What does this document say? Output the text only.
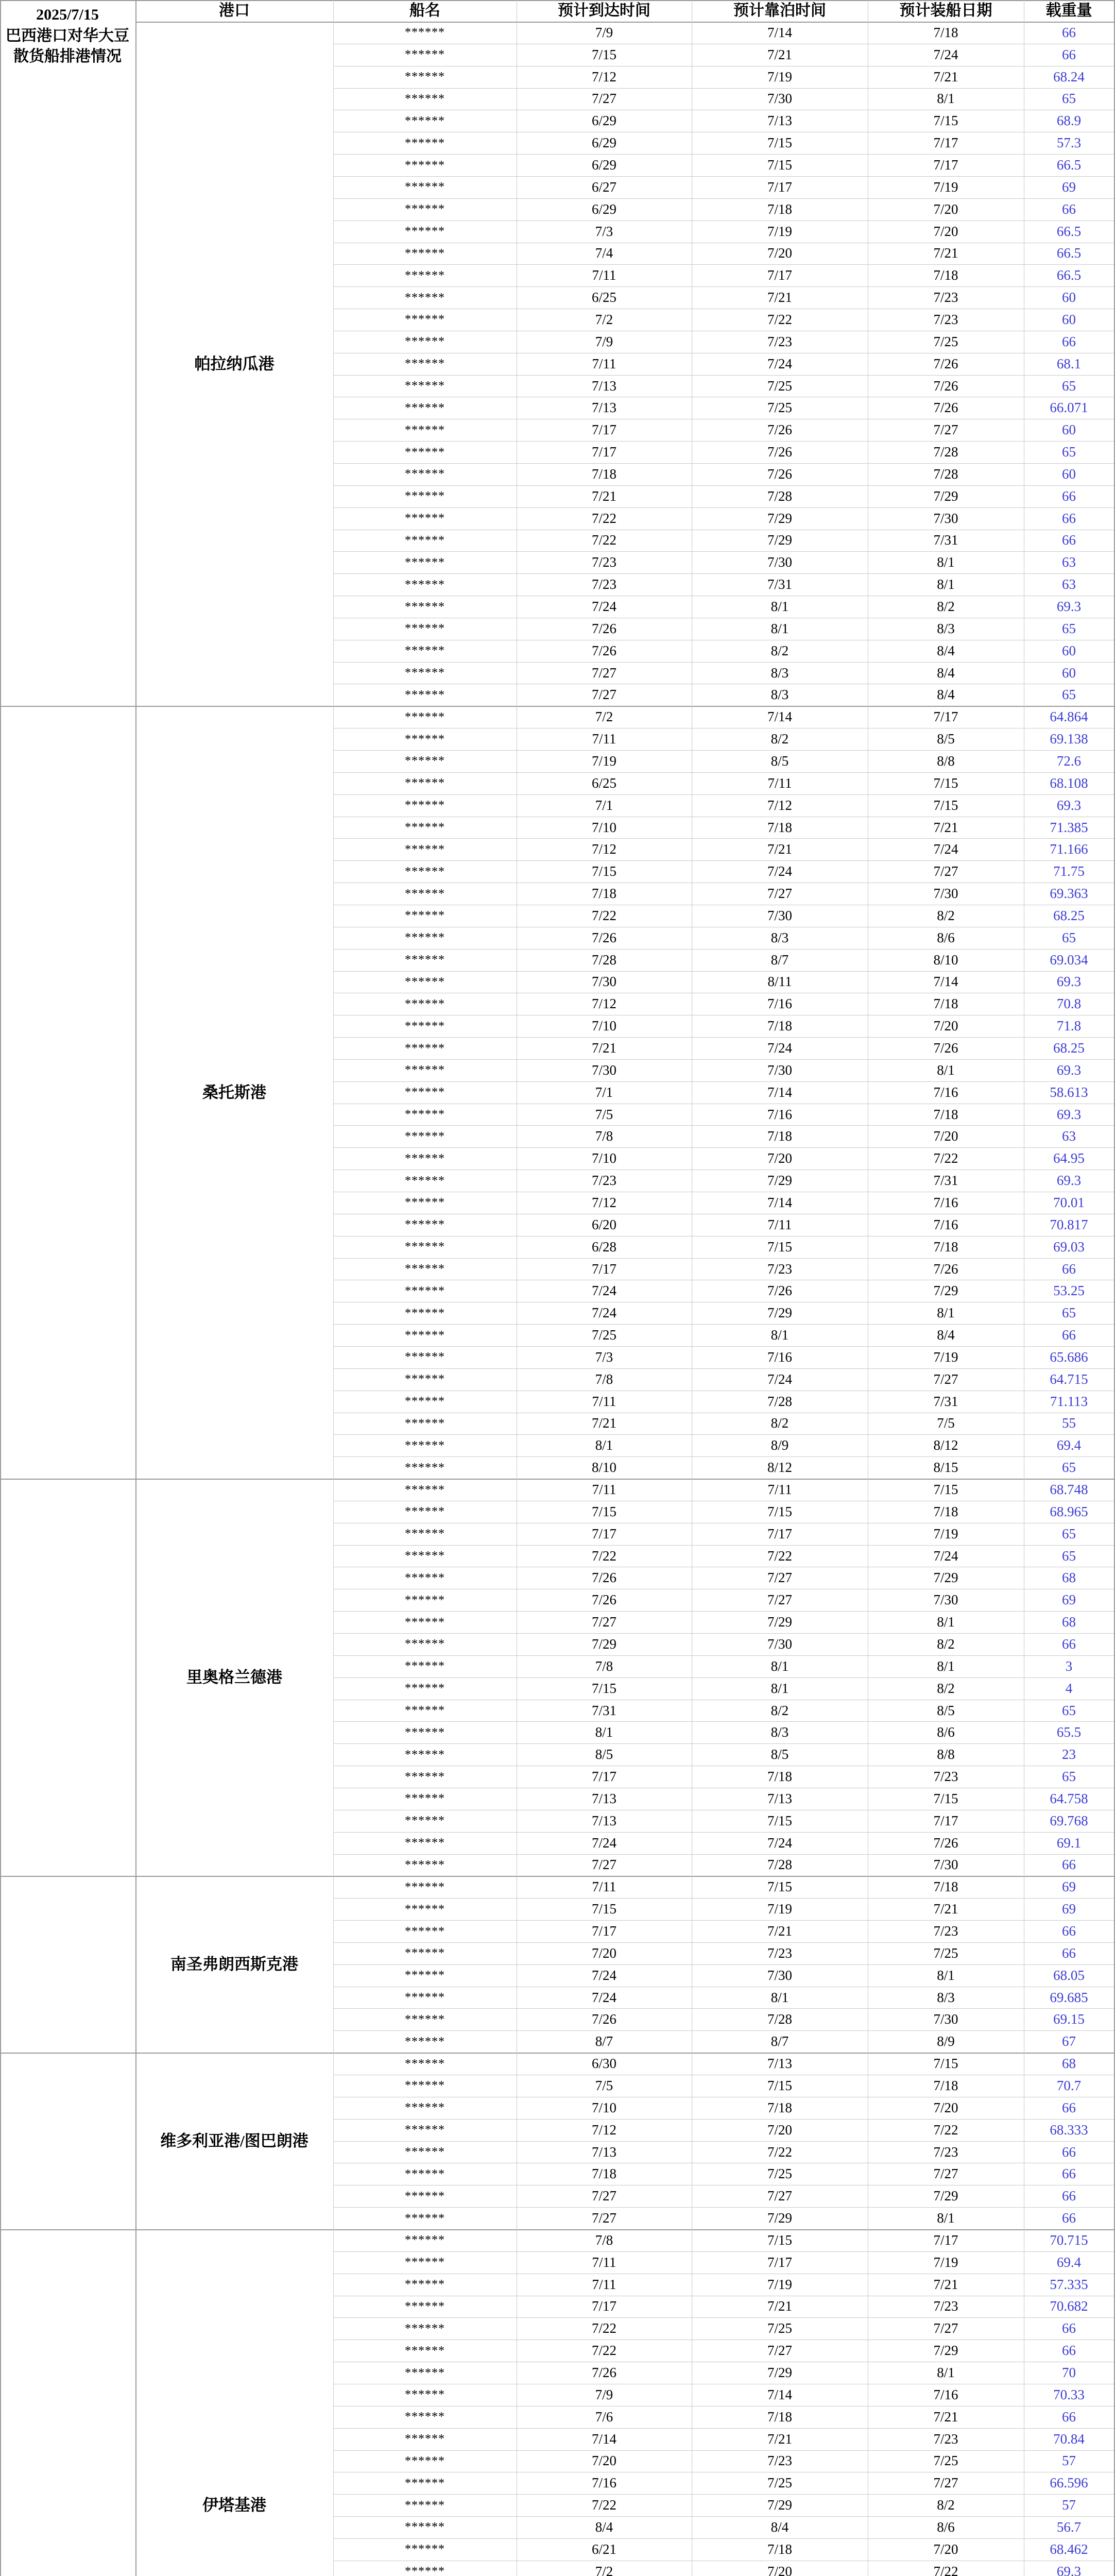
2025/7/15
巴西港口对华大豆
散货船排港情况
港口	船名	预计到达时间	预计靠泊时间	预计装船日期	载重量
******	7/9	7/14	7/18	66
******	7/15	7/21	7/24	66
******	7/12	7/19	7/21	68.24
******	7/27	7/30	8/1	65
******	6/29	7/13	7/15	68.9
******	6/29	7/15	7/17	57.3
******	6/29	7/15	7/17	66.5
******	6/27	7/17	7/19	69
******	6/29	7/18	7/20	66
******	7/3	7/19	7/20	66.5
******	7/4	7/20	7/21	66.5
******	7/11	7/17	7/18	66.5
******	6/25	7/21	7/23	60
******	7/2	7/22	7/23	60
******	7/9	7/23	7/25	66
******	7/11	7/24	7/26	68.1
******	7/13	7/25	7/26	65
******	7/13	7/25	7/26	66.071
******	7/17	7/26	7/27	60
******	7/17	7/26	7/28	65
******	7/18	7/26	7/28	60
******	7/21	7/28	7/29	66
******	7/22	7/29	7/30	66
******	7/22	7/29	7/31	66
******	7/23	7/30	8/1	63
******	7/23	7/31	8/1	63
******	7/24	8/1	8/2	69.3
******	7/26	8/1	8/3	65
******	7/26	8/2	8/4	60
******	7/27	8/3	8/4	60
******	7/27	8/3	8/4	65
帕拉纳瓜港
******	7/2	7/14	7/17	64.864
******	7/11	8/2	8/5	69.138
******	7/19	8/5	8/8	72.6
******	6/25	7/11	7/15	68.108
******	7/1	7/12	7/15	69.3
******	7/10	7/18	7/21	71.385
******	7/12	7/21	7/24	71.166
******	7/15	7/24	7/27	71.75
******	7/18	7/27	7/30	69.363
******	7/22	7/30	8/2	68.25
******	7/26	8/3	8/6	65
******	7/28	8/7	8/10	69.034
******	7/30	8/11	7/14	69.3
******	7/12	7/16	7/18	70.8
******	7/10	7/18	7/20	71.8
******	7/21	7/24	7/26	68.25
******	7/30	7/30	8/1	69.3
******	7/1	7/14	7/16	58.613
******	7/5	7/16	7/18	69.3
******	7/8	7/18	7/20	63
******	7/10	7/20	7/22	64.95
******	7/23	7/29	7/31	69.3
******	7/12	7/14	7/16	70.01
******	6/20	7/11	7/16	70.817
******	6/28	7/15	7/18	69.03
******	7/17	7/23	7/26	66
******	7/24	7/26	7/29	53.25
******	7/24	7/29	8/1	65
******	7/25	8/1	8/4	66
******	7/3	7/16	7/19	65.686
******	7/8	7/24	7/27	64.715
******	7/11	7/28	7/31	71.113
******	7/21	8/2	7/5	55
******	8/1	8/9	8/12	69.4
******	8/10	8/12	8/15	65
桑托斯港
******	7/11	7/11	7/15	68.748
******	7/15	7/15	7/18	68.965
******	7/17	7/17	7/19	65
******	7/22	7/22	7/24	65
******	7/26	7/27	7/29	68
******	7/26	7/27	7/30	69
******	7/27	7/29	8/1	68
******	7/29	7/30	8/2	66
******	7/8	8/1	8/1	3
******	7/15	8/1	8/2	4
******	7/31	8/2	8/5	65
******	8/1	8/3	8/6	65.5
******	8/5	8/5	8/8	23
******	7/17	7/18	7/23	65
******	7/13	7/13	7/15	64.758
******	7/13	7/15	7/17	69.768
******	7/24	7/24	7/26	69.1
******	7/27	7/28	7/30	66
里奥格兰德港
******	7/11	7/15	7/18	69
******	7/15	7/19	7/21	69
******	7/17	7/21	7/23	66
******	7/20	7/23	7/25	66
******	7/24	7/30	8/1	68.05
******	7/24	8/1	8/3	69.685
******	7/26	7/28	7/30	69.15
******	8/7	8/7	8/9	67
南圣弗朗西斯克港
******	6/30	7/13	7/15	68
******	7/5	7/15	7/18	70.7
******	7/10	7/18	7/20	66
******	7/12	7/20	7/22	68.333
******	7/13	7/22	7/23	66
******	7/18	7/25	7/27	66
******	7/27	7/27	7/29	66
******	7/27	7/29	8/1	66
维多利亚港/图巴朗港
******	7/8	7/15	7/17	70.715
******	7/11	7/17	7/19	69.4
******	7/11	7/19	7/21	57.335
******	7/17	7/21	7/23	70.682
******	7/22	7/25	7/27	66
******	7/22	7/27	7/29	66
******	7/26	7/29	8/1	70
******	7/9	7/14	7/16	70.33
******	7/6	7/18	7/21	66
******	7/14	7/21	7/23	70.84
******	7/20	7/23	7/25	57
******	7/16	7/25	7/27	66.596
******	7/22	7/29	8/2	57
******	8/4	8/4	8/6	56.7
******	6/21	7/18	7/20	68.462
******	7/2	7/20	7/22	69.3
伊塔基港
